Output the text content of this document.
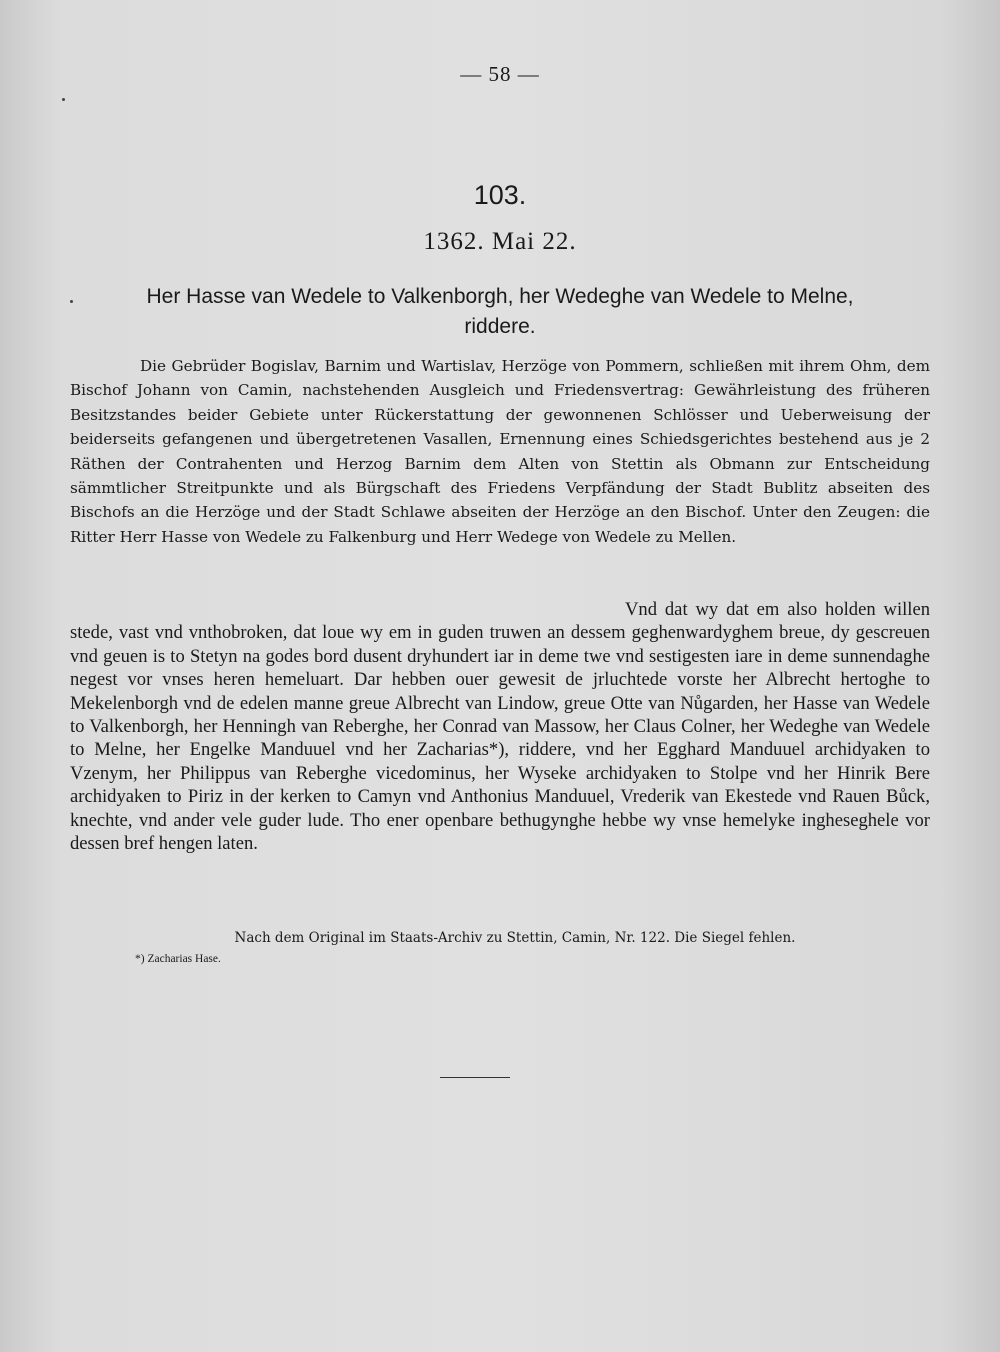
— 58 —
103.
1362. Mai 22.
Her Hasse van Wedele to Valkenborgh, her Wedeghe van Wedele to Melne, riddere.
Die Gebrüder Bogislav, Barnim und Wartislav, Herzöge von Pommern, schließen mit ihrem Ohm, dem Bischof Johann von Camin, nachstehenden Ausgleich und Friedensvertrag: Gewährleistung des früheren Besitzstandes beider Gebiete unter Rückerstattung der gewonnenen Schlösser und Ueberweisung der beiderseits gefangenen und übergetretenen Vasallen, Ernennung eines Schiedsgerichtes bestehend aus je 2 Räthen der Contrahenten und Herzog Barnim dem Alten von Stettin als Obmann zur Entscheidung sämmtlicher Streitpunkte und als Bürgschaft des Friedens Verpfändung der Stadt Bublitz abseiten des Bischofs an die Herzöge und der Stadt Schlawe abseiten der Herzöge an den Bischof. Unter den Zeugen: die Ritter Herr Hasse von Wedele zu Falkenburg und Herr Wedege von Wedele zu Mellen.
Vnd dat wy dat em also holden willen stede, vast vnd vnthobroken, dat loue wy em in guden truwen an dessem geghenwardyghem breue, dy gescreuen vnd geuen is to Stetyn na godes bord dusent dryhundert iar in deme twe vnd sestigesten iare in deme sunnendaghe negest vor vnses heren hemeluart. Dar hebben ouer gewesit de jrluchtede vorste her Albrecht hertoghe to Mekelenborgh vnd de edelen manne greue Albrecht van Lindow, greue Otte van Nůgarden, her Hasse van Wedele to Valkenborgh, her Henningh van Reberghe, her Conrad van Massow, her Claus Colner, her Wedeghe van Wedele to Melne, her Engelke Manduuel vnd her Zacharias*), riddere, vnd her Egghard Manduuel archidyaken to Vzenym, her Philippus van Reberghe vicedominus, her Wyseke archidyaken to Stolpe vnd her Hinrik Bere archidyaken to Piriz in der kerken to Camyn vnd Anthonius Manduuel, Vrederik van Ekestede vnd Rauen Bůck, knechte, vnd ander vele guder lude. Tho ener openbare bethugynghe hebbe wy vnse hemelyke ingheseghele vor dessen bref hengen laten.
Nach dem Original im Staats-Archiv zu Stettin, Camin, Nr. 122. Die Siegel fehlen.
*) Zacharias Hase.
